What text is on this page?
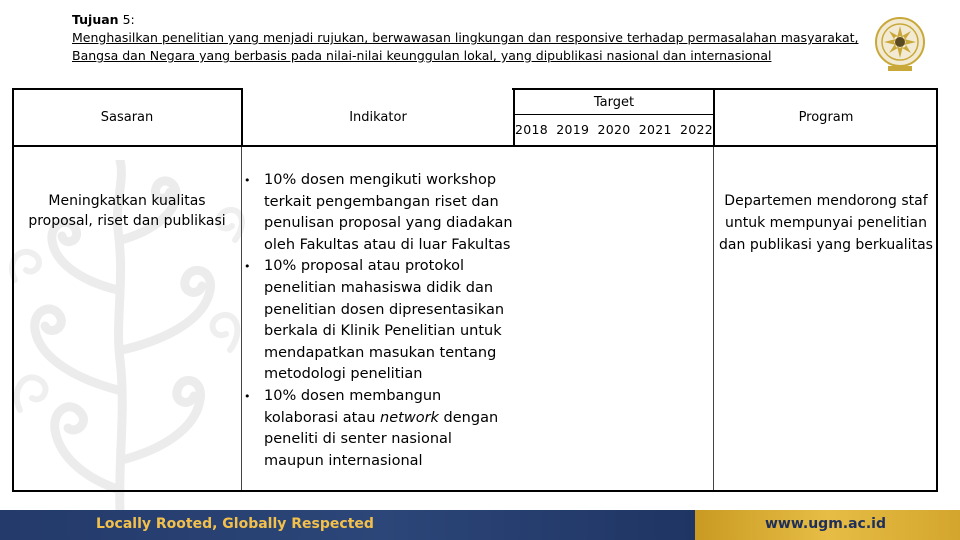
Tujuan 5:
Menghasilkan penelitian yang menjadi rujukan, berwawasan lingkungan dan responsive terhadap permasalahan masyarakat,
Bangsa dan Negara yang berbasis pada nilai-nilai keunggulan lokal, yang dipublikasi nasional dan internasional
Sasaran	Indikator
Target
Program
2018 2019 2020 2021 2022
Meningkatkan kualitas
proposal, riset dan publikasi
• 10% dosen mengikuti workshop
terkait pengembangan riset dan
penulisan proposal yang diadakan
oleh Fakultas atau di luar Fakultas
• 10% proposal atau protokol
penelitian mahasiswa didik dan
penelitian dosen dipresentasikan
berkala di Klinik Penelitian untuk
mendapatkan masukan tentang
metodologi penelitian
• 10% dosen membangun
kolaborasi atau network dengan
peneliti di senter nasional
maupun internasional
Departemen mendorong staf
untuk mempunyai penelitian
dan publikasi yang berkualitas
Locally Rooted, Globally Respected	www.ugm.ac.id
